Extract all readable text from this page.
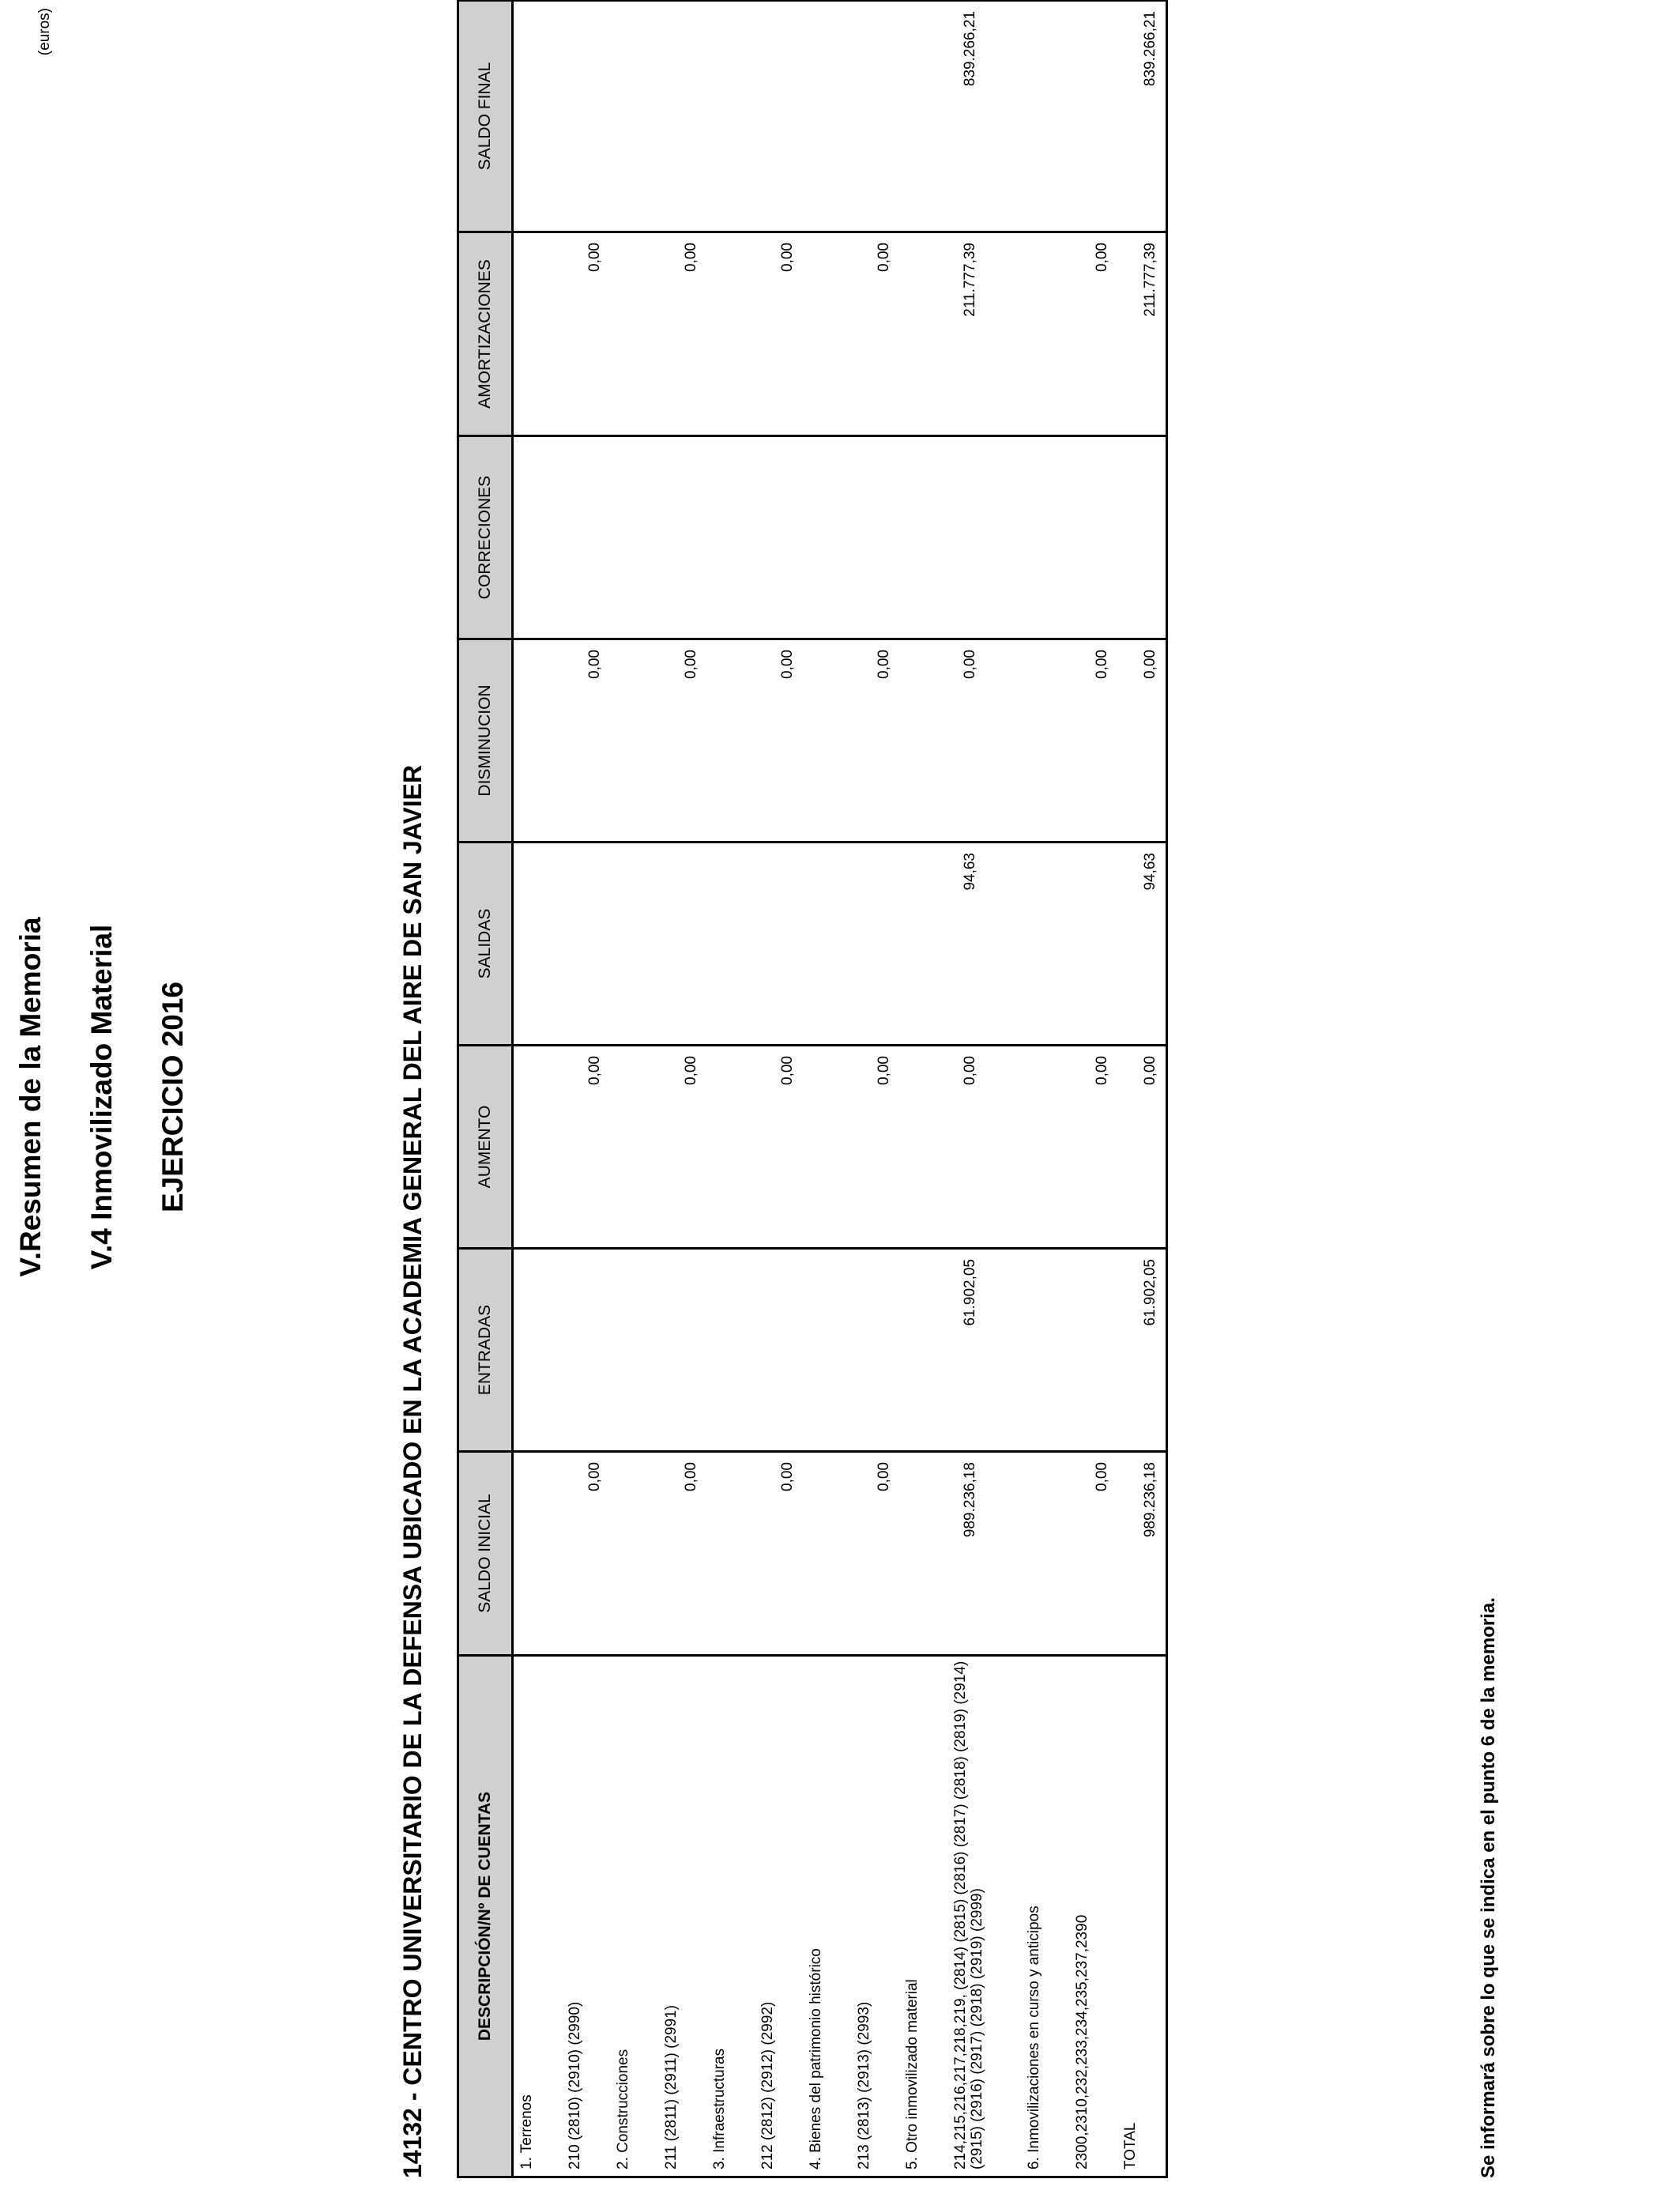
V.Resumen de la Memoria V.4 Inmovilizado Material EJERCICIO 2016
(euros)
14132 - CENTRO UNIVERSITARIO DE LA DEFENSA UBICADO EN LA ACADEMIA GENERAL DEL AIRE DE SAN JAVIER	DESCRIPCIÓN/Nº DE CUENTAS	SALDO INICIAL	ENTRADAS	AUMENTO	SALIDAS	DISMINUCION	CORRECIONES	AMORTIZACIONES	SALDO FINAL
1. Terrenos								
210 (2810) (2910) (2990)	0,00		0,00		0,00		0,00	
2. Construcciones								
211 (2811) (2911) (2991)	0,00		0,00		0,00		0,00	
3. Infraestructuras								
212 (2812) (2912) (2992)	0,00		0,00		0,00		0,00	
4. Bienes del patrimonio histórico								
213 (2813) (2913) (2993)	0,00		0,00		0,00		0,00	
5. Otro inmovilizado material								
214,215,216,217,218,219, (2814) (2815) (2816) (2817) (2818) (2819) (2914) (2915) (2916) (2917) (2918) (2919) (2999)	989.236,18	61.902,05	0,00	94,63	0,00		211.777,39	839.266,21
6. Inmovilizaciones en curso y anticipos								
2300,2310,232,233,234,235,237,2390	0,00		0,00		0,00		0,00	
TOTAL	989.236,18	61.902,05	0,00	94,63	0,00		211.777,39	839.266,21
Se informará sobre lo que se indica en el punto 6 de la memoria.
